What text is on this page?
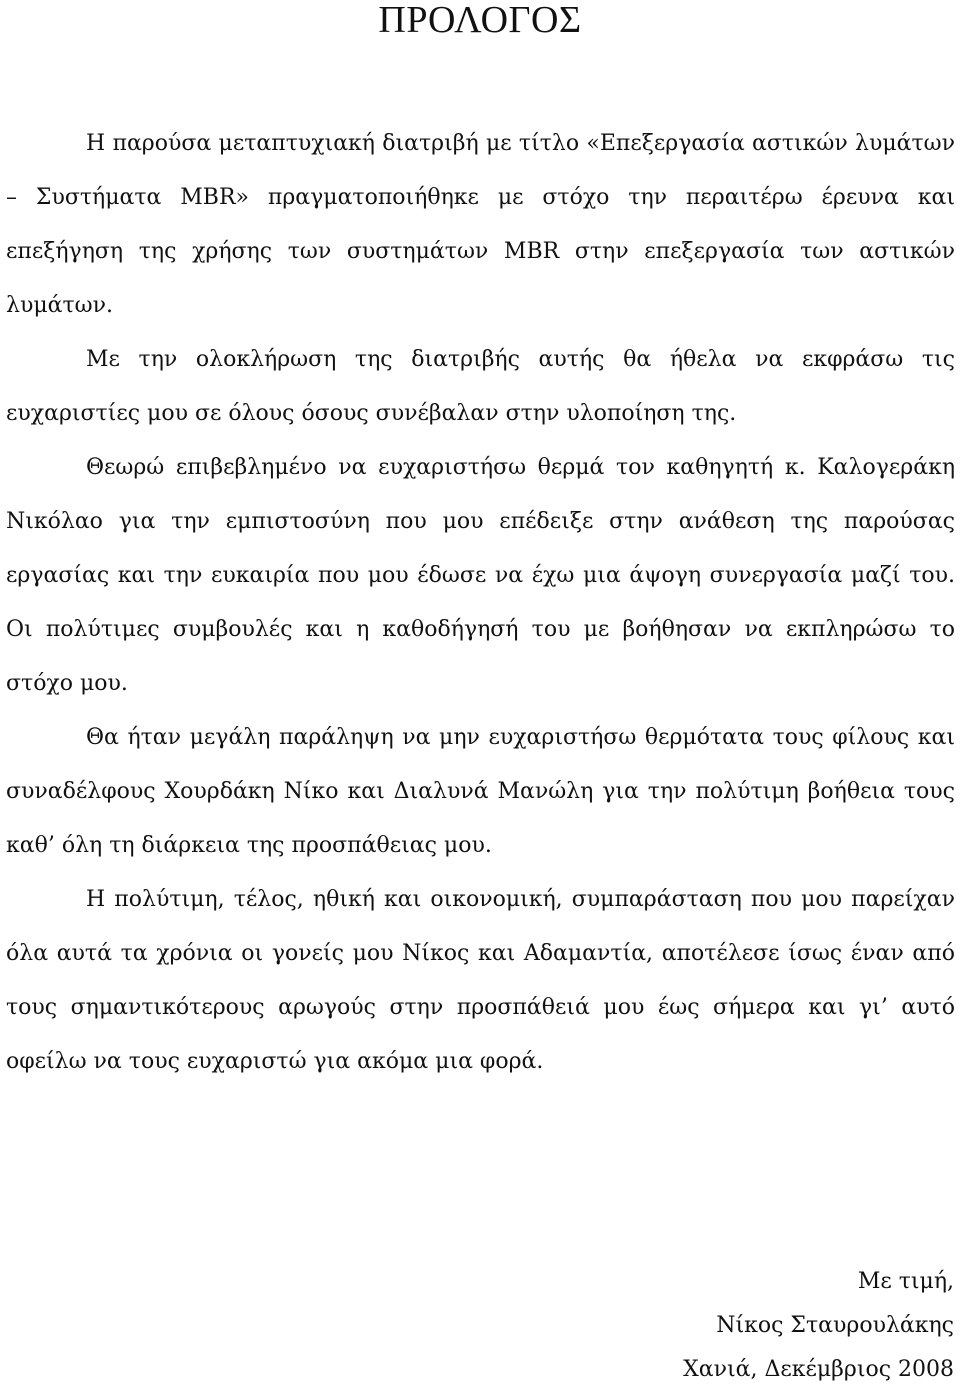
ΠΡΟΛΟΓΟΣ

Η παρούσα μεταπτυχιακή διατριβή με τίτλο «Επεξεργασία αστικών λυμάτων – Συστήματα MBR» πραγματοποιήθηκε με στόχο την περαιτέρω έρευνα και επεξήγηση της χρήσης των συστημάτων MBR στην επεξεργασία των αστικών λυμάτων.

Με την ολοκλήρωση της διατριβής αυτής θα ήθελα να εκφράσω τις ευχαριστίες μου σε όλους όσους συνέβαλαν στην υλοποίηση της.

Θεωρώ επιβεβλημένο να ευχαριστήσω θερμά τον καθηγητή κ. Καλογεράκη Νικόλαο για την εμπιστοσύνη που μου επέδειξε στην ανάθεση της παρούσας εργασίας και την ευκαιρία που μου έδωσε να έχω μια άψογη συνεργασία μαζί του. Οι πολύτιμες συμβουλές και η καθοδήγησή του με βοήθησαν να εκπληρώσω το στόχο μου.

Θα ήταν μεγάλη παράληψη να μην ευχαριστήσω θερμότατα τους φίλους και συναδέλφους Χουρδάκη Νίκο και Διαλυνά Μανώλη για την πολύτιμη βοήθεια τους καθ’ όλη τη διάρκεια της προσπάθειας μου.

Η πολύτιμη, τέλος, ηθική και οικονομική, συμπαράσταση που μου παρείχαν όλα αυτά τα χρόνια οι γονείς μου Νίκος και Αδαμαντία, αποτέλεσε ίσως έναν από τους σημαντικότερους αρωγούς στην προσπάθειά μου έως σήμερα και γι’ αυτό οφείλω να τους ευχαριστώ για ακόμα μια φορά.

Με τιμή,
Νίκος Σταυρουλάκης
Χανιά, Δεκέμβριος 2008
